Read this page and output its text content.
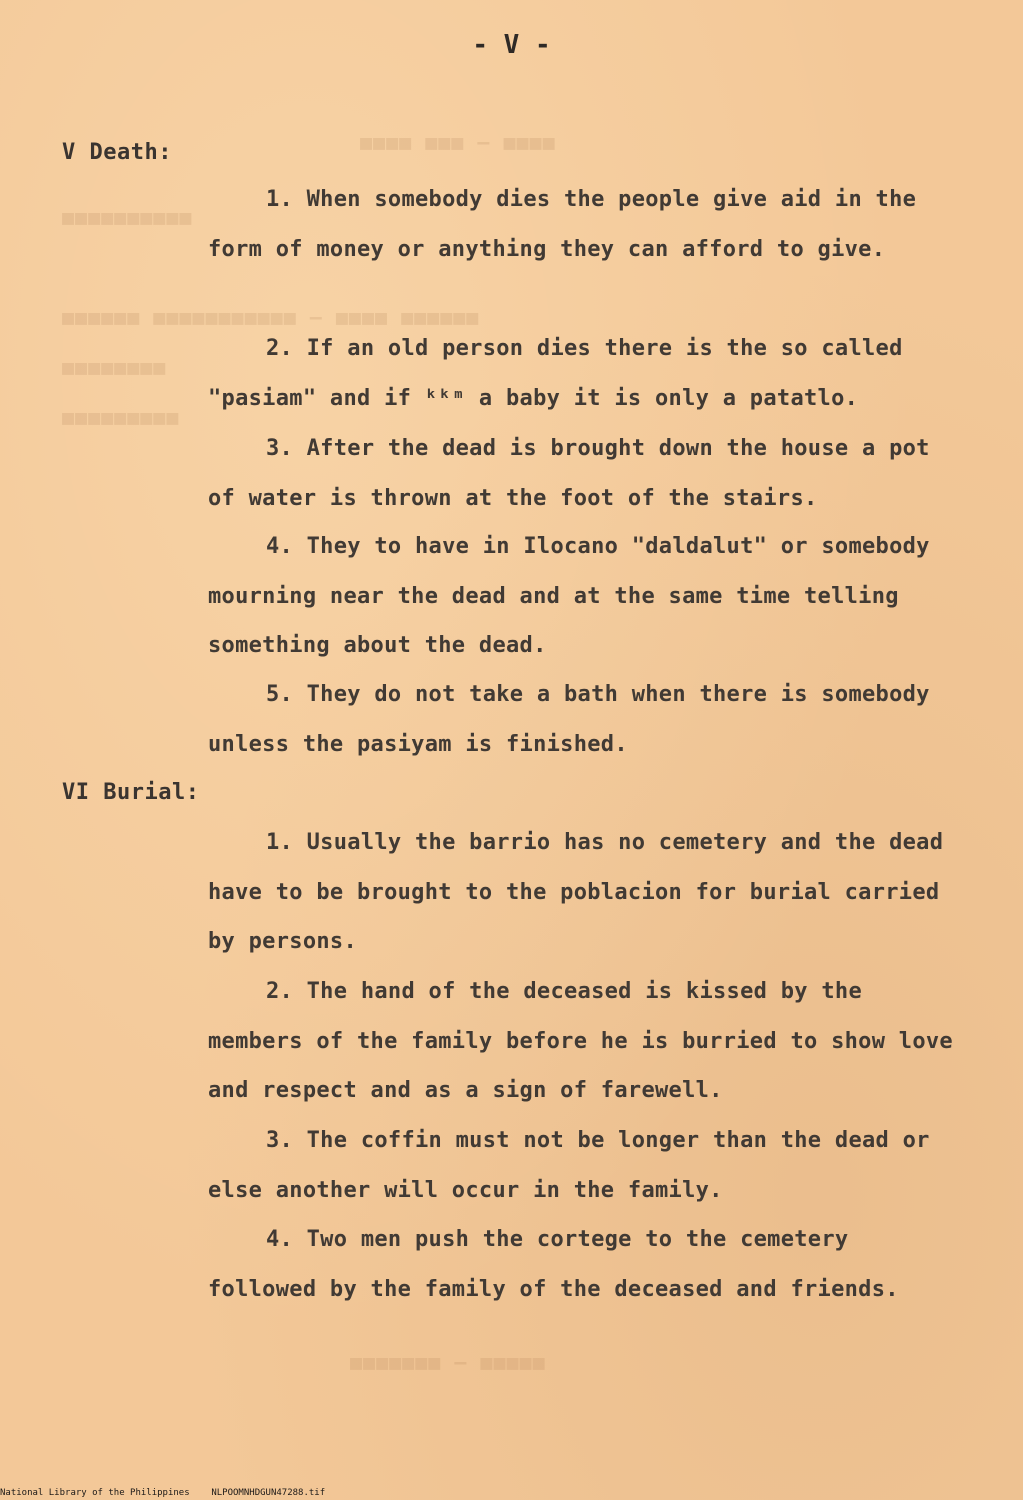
■■■■ ■■■ – ■■■■
■■■■■■■■■■
■■■■■■ ■■■■■■■■■■■ – ■■■■ ■■■■■■
■■■■■■■■
■■■■■■■■■
■■■■■■■ – ■■■■■
- V -
V Death:

1. When somebody dies the people give aid in the form of money or anything they can afford to give.

2. If an old person dies there is the so called "pasiam" and if ᵏᵏᵐ a baby it is only a patatlo.

3. After the dead is brought down the house a pot of water is thrown at the foot of the stairs.

4. They to have in Ilocano "daldalut" or somebody mourning near the dead and at the same time telling something about the dead.

5. They do not take a bath when there is somebody unless the pasiyam is finished.

VI Burial:

1. Usually the barrio has no cemetery and the dead have to be brought to the poblacion for burial carried by persons.

2. The hand of the deceased is kissed by the members of the family before he is burried to show love and respect and as a sign of farewell.

3. The coffin must not be longer than the dead or else another will occur in the family.

4. Two men push the cortege to the cemetery followed by the family of the deceased and friends.

National Library of the Philippines NLPOOMNHDGUN47288.tif
